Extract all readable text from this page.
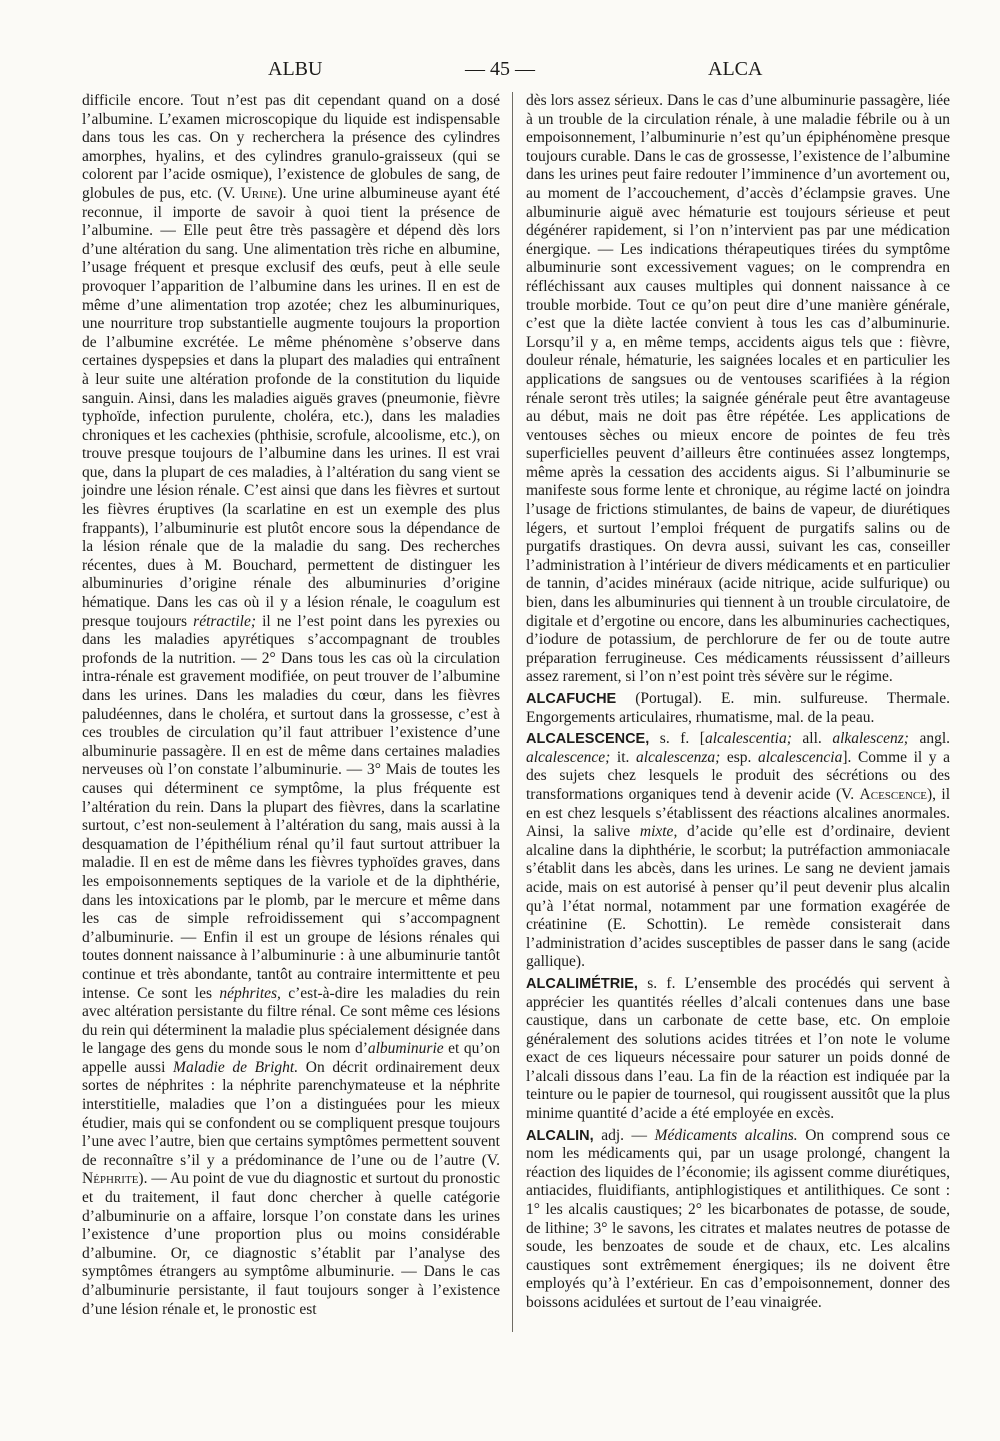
ALBU	— 45 —	ALCA

difficile encore. Tout n’est pas dit cependant quand on a dosé l’albumine. L’examen microscopique du liquide est indispensable dans tous les cas. On y recherchera la présence des cylindres amorphes, hyalins, et des cylindres granulo-graisseux (qui se colorent par l’acide osmique), l’existence de globules de sang, de globules de pus, etc. (V. Urine). Une urine albumineuse ayant été reconnue, il importe de savoir à quoi tient la présence de l’albumine. — Elle peut être très passagère et dépend dès lors d’une altération du sang. Une alimentation très riche en albumine, l’usage fréquent et presque exclusif des œufs, peut à elle seule provoquer l’apparition de l’albumine dans les urines. Il en est de même d’une alimentation trop azotée; chez les albuminuriques, une nourriture trop substantielle augmente toujours la proportion de l’albumine excrétée. Le même phénomène s’observe dans certaines dyspepsies et dans la plupart des maladies qui entraînent à leur suite une altération profonde de la constitution du liquide sanguin. Ainsi, dans les maladies aiguës graves (pneumonie, fièvre typhoïde, infection purulente, choléra, etc.), dans les maladies chroniques et les cachexies (phthisie, scrofule, alcoolisme, etc.), on trouve presque toujours de l’albumine dans les urines. Il est vrai que, dans la plupart de ces maladies, à l’altération du sang vient se joindre une lésion rénale. C’est ainsi que dans les fièvres et surtout les fièvres éruptives (la scarlatine en est un exemple des plus frappants), l’albuminurie est plutôt encore sous la dépendance de la lésion rénale que de la maladie du sang. Des recherches récentes, dues à M. Bouchard, permettent de distinguer les albuminuries d’origine rénale des albuminuries d’origine hématique. Dans les cas où il y a lésion rénale, le coagulum est presque toujours rétractile; il ne l’est point dans les pyrexies ou dans les maladies apyrétiques s’accompagnant de troubles profonds de la nutrition. — 2° Dans tous les cas où la circulation intra-rénale est gravement modifiée, on peut trouver de l’albumine dans les urines. Dans les maladies du cœur, dans les fièvres paludéennes, dans le choléra, et surtout dans la grossesse, c’est à ces troubles de circulation qu’il faut attribuer l’existence d’une albuminurie passagère. Il en est de même dans certaines maladies nerveuses où l’on constate l’albuminurie. — 3° Mais de toutes les causes qui déterminent ce symptôme, la plus fréquente est l’altération du rein. Dans la plupart des fièvres, dans la scarlatine surtout, c’est non-seulement à l’altération du sang, mais aussi à la desquamation de l’épithélium rénal qu’il faut surtout attribuer la maladie. Il en est de même dans les fièvres typhoïdes graves, dans les empoisonnements septiques de la variole et de la diphthérie, dans les intoxications par le plomb, par le mercure et même dans les cas de simple refroidissement qui s’accompagnent d’albuminurie. — Enfin il est un groupe de lésions rénales qui toutes donnent naissance à l’albuminurie : à une albuminurie tantôt continue et très abondante, tantôt au contraire intermittente et peu intense. Ce sont les néphrites, c’est-à-dire les maladies du rein avec altération persistante du filtre rénal. Ce sont même ces lésions du rein qui déterminent la maladie plus spécialement désignée dans le langage des gens du monde sous le nom d’albuminurie et qu’on appelle aussi Maladie de Bright. On décrit ordinairement deux sortes de néphrites : la néphrite parenchymateuse et la néphrite interstitielle, maladies que l’on a distinguées pour les mieux étudier, mais qui se confondent ou se compliquent presque toujours l’une avec l’autre, bien que certains symptômes permettent souvent de reconnaître s’il y a prédominance de l’une ou de l’autre (V. Néphrite). — Au point de vue du diagnostic et surtout du pronostic et du traitement, il faut donc chercher à quelle catégorie d’albuminurie on a affaire, lorsque l’on constate dans les urines l’existence d’une proportion plus ou moins considérable d’albumine. Or, ce diagnostic s’établit par l’analyse des symptômes étrangers au symptôme albuminurie. — Dans le cas d’albuminurie persistante, il faut toujours songer à l’existence d’une lésion rénale et, le pronostic est

dès lors assez sérieux. Dans le cas d’une albuminurie passagère, liée à un trouble de la circulation rénale, à une maladie fébrile ou à un empoisonnement, l’albuminurie n’est qu’un épiphénomène presque toujours curable. Dans le cas de grossesse, l’existence de l’albumine dans les urines peut faire redouter l’imminence d’un avortement ou, au moment de l’accouchement, d’accès d’éclampsie graves. Une albuminurie aiguë avec hématurie est toujours sérieuse et peut dégénérer rapidement, si l’on n’intervient pas par une médication énergique. — Les indications thérapeutiques tirées du symptôme albuminurie sont excessivement vagues; on le comprendra en réfléchissant aux causes multiples qui donnent naissance à ce trouble morbide. Tout ce qu’on peut dire d’une manière générale, c’est que la diète lactée convient à tous les cas d’albuminurie. Lorsqu’il y a, en même temps, accidents aigus tels que : fièvre, douleur rénale, hématurie, les saignées locales et en particulier les applications de sangsues ou de ventouses scarifiées à la région rénale seront très utiles; la saignée générale peut être avantageuse au début, mais ne doit pas être répétée. Les applications de ventouses sèches ou mieux encore de pointes de feu très superficielles peuvent d’ailleurs être continuées assez longtemps, même après la cessation des accidents aigus. Si l’albuminurie se manifeste sous forme lente et chronique, au régime lacté on joindra l’usage de frictions stimulantes, de bains de vapeur, de diurétiques légers, et surtout l’emploi fréquent de purgatifs salins ou de purgatifs drastiques. On devra aussi, suivant les cas, conseiller l’administration à l’intérieur de divers médicaments et en particulier de tannin, d’acides minéraux (acide nitrique, acide sulfurique) ou bien, dans les albuminuries qui tiennent à un trouble circulatoire, de digitale et d’ergotine ou encore, dans les albuminuries cachectiques, d’iodure de potassium, de perchlorure de fer ou de toute autre préparation ferrugineuse. Ces médicaments réussissent d’ailleurs assez rarement, si l’on n’est point très sévère sur le régime.

ALCAFUCHE (Portugal). E. min. sulfureuse. Thermale. Engorgements articulaires, rhumatisme, mal. de la peau.

ALCALESCENCE, s. f. [alcalescentia; all. alkalescenz; angl. alcalescence; it. alcalescenza; esp. alcalescencia]. Comme il y a des sujets chez lesquels le produit des sécrétions ou des transformations organiques tend à devenir acide (V. Acescence), il en est chez lesquels s’établissent des réactions alcalines anormales. Ainsi, la salive mixte, d’acide qu’elle est d’ordinaire, devient alcaline dans la diphthérie, le scorbut; la putréfaction ammoniacale s’établit dans les abcès, dans les urines. Le sang ne devient jamais acide, mais on est autorisé à penser qu’il peut devenir plus alcalin qu’à l’état normal, notamment par une formation exagérée de créatinine (E. Schottin). Le remède consisterait dans l’administration d’acides susceptibles de passer dans le sang (acide gallique).

ALCALIMÉTRIE, s. f. L’ensemble des procédés qui servent à apprécier les quantités réelles d’alcali contenues dans une base caustique, dans un carbonate de cette base, etc. On emploie généralement des solutions acides titrées et l’on note le volume exact de ces liqueurs nécessaire pour saturer un poids donné de l’alcali dissous dans l’eau. La fin de la réaction est indiquée par la teinture ou le papier de tournesol, qui rougissent aussitôt que la plus minime quantité d’acide a été employée en excès.

ALCALIN, adj. — Médicaments alcalins. On comprend sous ce nom les médicaments qui, par un usage prolongé, changent la réaction des liquides de l’économie; ils agissent comme diurétiques, antiacides, fluidifiants, antiphlogistiques et antilithiques. Ce sont : 1° les alcalis caustiques; 2° les bicarbonates de potasse, de soude, de lithine; 3° le savons, les citrates et malates neutres de potasse de soude, les benzoates de soude et de chaux, etc. Les alcalins caustiques sont extrêmement énergiques; ils ne doivent être employés qu’à l’extérieur. En cas d’empoisonnement, donner des boissons acidulées et surtout de l’eau vinaigrée.
